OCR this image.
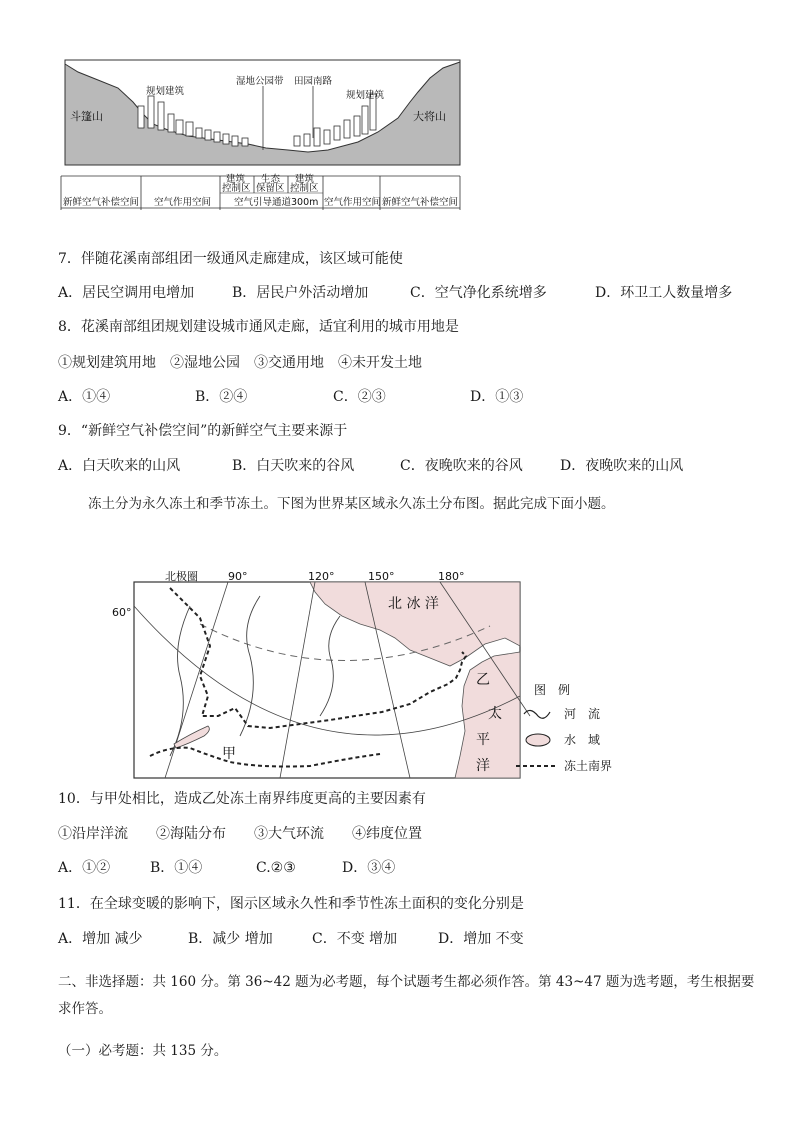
斗篷山	大将山
规划建筑
湿地公园带 田园南路
规划建筑
建筑
控制区
生态
保留区
建筑
控制区
新鲜空气补偿空间 空气作用空间 空气引导通道300m 空气作用空间 新鲜空气补偿空间
7．伴随花溪南部组团一级通风走廊建成，该区域可能使
A．居民空调用电增加	B．居民户外活动增加	C．空气净化系统增多	D．环卫工人数量增多
8．花溪南部组团规划建设城市通风走廊，适宜利用的城市用地是
①规划建筑用地　②湿地公园　③交通用地　④未开发土地
A．①④	B．②④	C．②③	D．①③
9．“新鲜空气补偿空间”的新鲜空气主要来源于
A．白天吹来的山风	B．白天吹来的谷风	C．夜晚吹来的谷风	D．夜晚吹来的山风
冻土分为永久冻土和季节冻土。下图为世界某区域永久冻土分布图。据此完成下面小题。
北极圈	90°	120°	150°	180°
60°
北 冰 洋
太
平
洋
乙
甲
图　例
河　流
水　域
冻土南界
10．与甲处相比，造成乙处冻土南界纬度更高的主要因素有
①沿岸洋流　　②海陆分布　　③大气环流　　④纬度位置
A．①②	B．①④	C.②③	D．③④
11．在全球变暖的影响下，图示区域永久性和季节性冻土面积的变化分别是
A．增加 减少	B．减少 增加	C．不变 增加	D．增加 不变
二、非选择题：共 160 分。第 36~42 题为必考题，每个试题考生都必须作答。第 43~47 题为选考题，考生根据要
求作答。
（一）必考题：共 135 分。
